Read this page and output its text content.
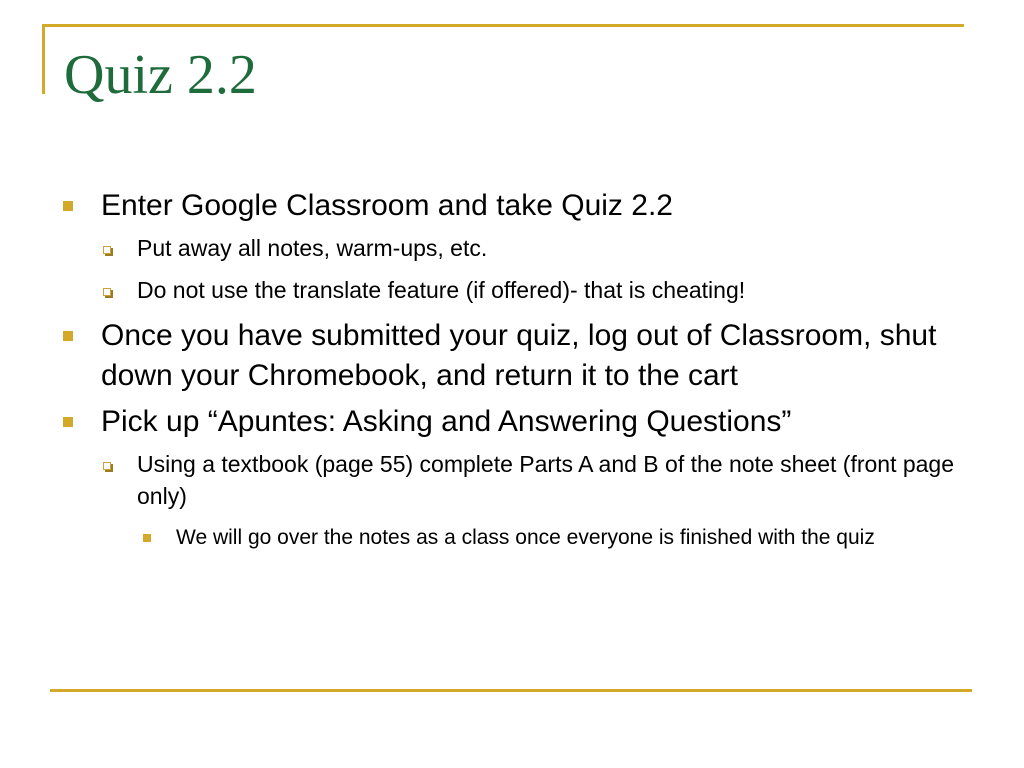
Quiz 2.2
Enter Google Classroom and take Quiz 2.2
Put away all notes, warm-ups, etc.
Do not use the translate feature (if offered)- that is cheating!
Once you have submitted your quiz, log out of Classroom, shut down your Chromebook, and return it to the cart
Pick up “Apuntes: Asking and Answering Questions”
Using a textbook (page 55) complete Parts A and B of the note sheet (front page only)
We will go over the notes as a class once everyone is finished with the quiz
